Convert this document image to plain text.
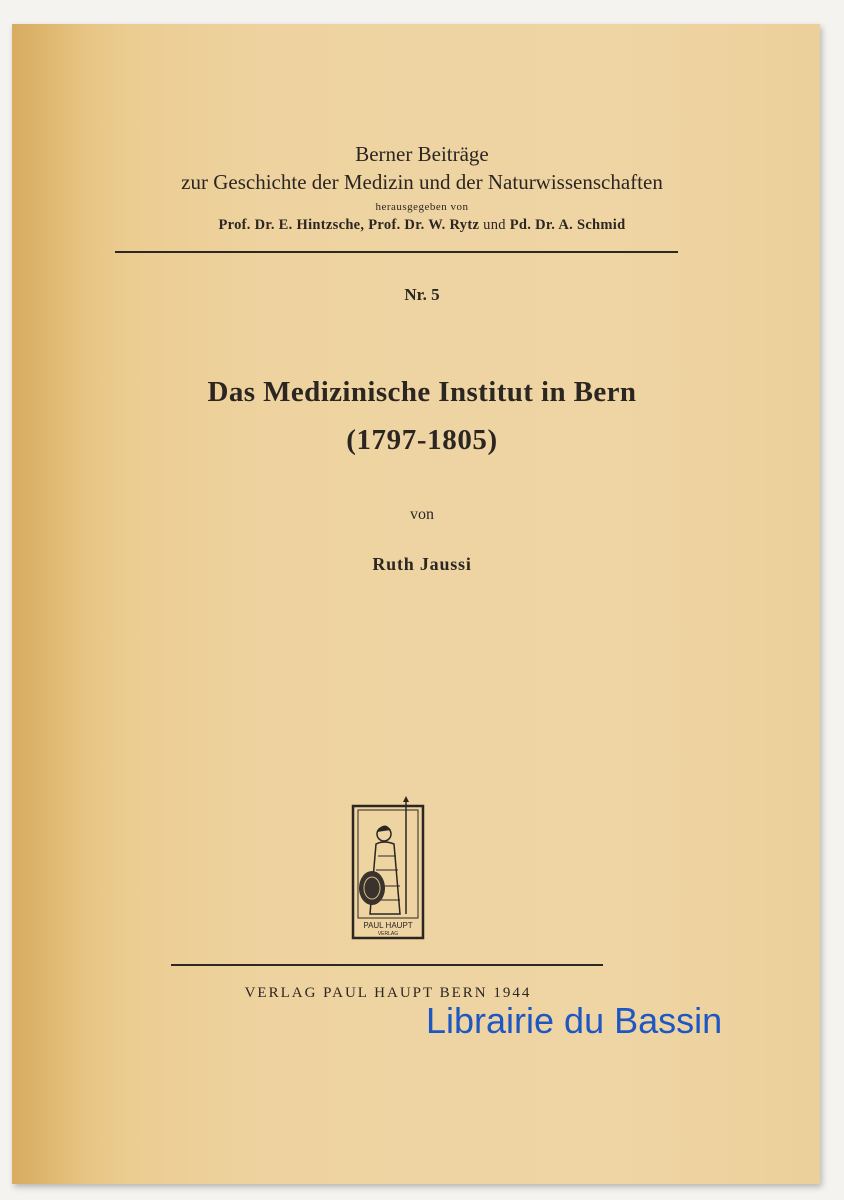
Berner Beiträge
zur Geschichte der Medizin und der Naturwissenschaften
herausgegeben von
Prof. Dr. E. Hintzsche, Prof. Dr. W. Rytz und Pd. Dr. A. Schmid
Nr. 5
Das Medizinische Institut in Bern
(1797-1805)
von
Ruth Jaussi
PAUL HAUPT
VERLAG
VERLAG PAUL HAUPT BERN 1944
Librairie du Bassin
